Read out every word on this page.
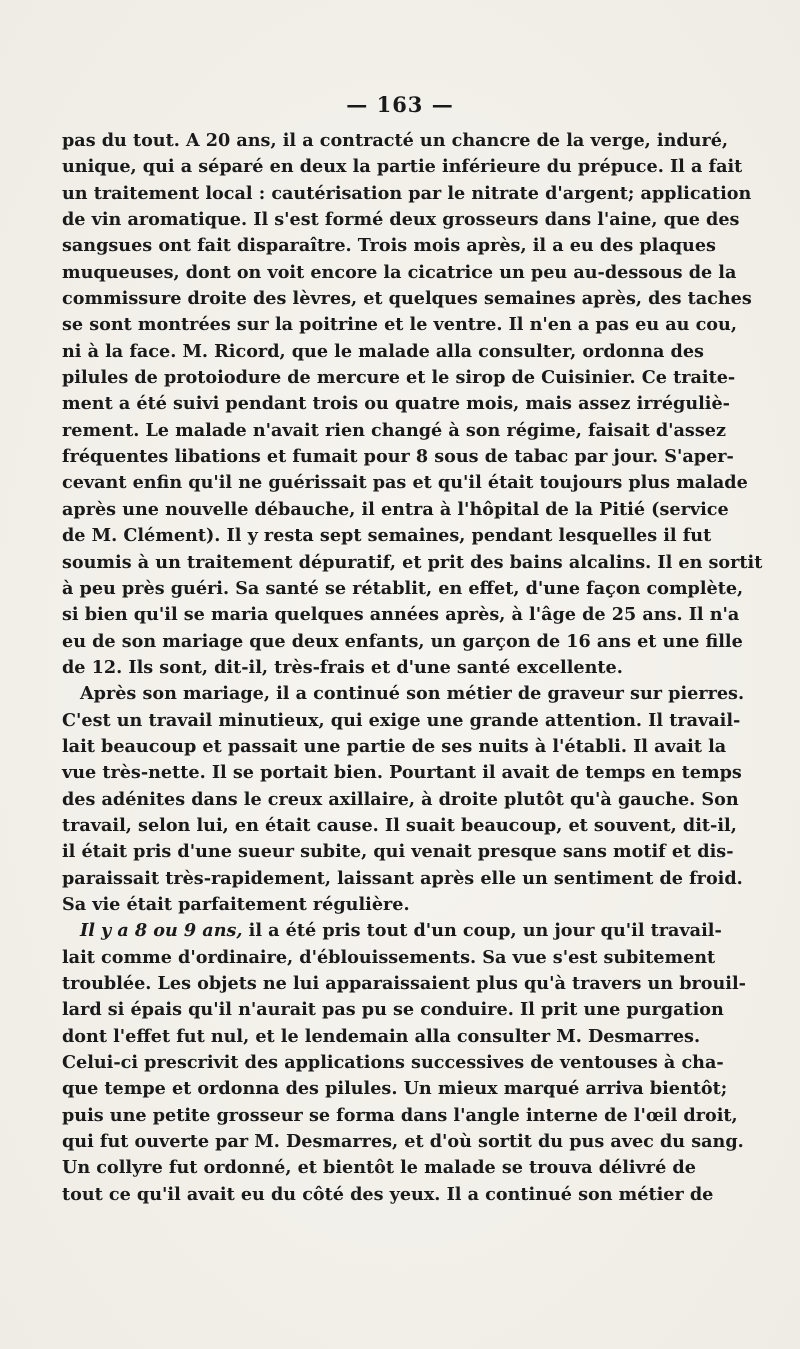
— 163 —
pas du tout. A 20 ans, il a contracté un chancre de la verge, induré,
unique, qui a séparé en deux la partie inférieure du prépuce. Il a fait
un traitement local : cautérisation par le nitrate d'argent; application
de vin aromatique. Il s'est formé deux grosseurs dans l'aine, que des
sangsues ont fait disparaître. Trois mois après, il a eu des plaques
muqueuses, dont on voit encore la cicatrice un peu au-dessous de la
commissure droite des lèvres, et quelques semaines après, des taches
se sont montrées sur la poitrine et le ventre. Il n'en a pas eu au cou,
ni à la face. M. Ricord, que le malade alla consulter, ordonna des
pilules de protoiodure de mercure et le sirop de Cuisinier. Ce traite-
ment a été suivi pendant trois ou quatre mois, mais assez irréguliè-
rement. Le malade n'avait rien changé à son régime, faisait d'assez
fréquentes libations et fumait pour 8 sous de tabac par jour. S'aper-
cevant enfin qu'il ne guérissait pas et qu'il était toujours plus malade
après une nouvelle débauche, il entra à l'hôpital de la Pitié (service
de M. Clément). Il y resta sept semaines, pendant lesquelles il fut
soumis à un traitement dépuratif, et prit des bains alcalins. Il en sortit
à peu près guéri. Sa santé se rétablit, en effet, d'une façon complète,
si bien qu'il se maria quelques années après, à l'âge de 25 ans. Il n'a
eu de son mariage que deux enfants, un garçon de 16 ans et une fille
de 12. Ils sont, dit-il, très-frais et d'une santé excellente.
Après son mariage, il a continué son métier de graveur sur pierres.
C'est un travail minutieux, qui exige une grande attention. Il travail-
lait beaucoup et passait une partie de ses nuits à l'établi. Il avait la
vue très-nette. Il se portait bien. Pourtant il avait de temps en temps
des adénites dans le creux axillaire, à droite plutôt qu'à gauche. Son
travail, selon lui, en était cause. Il suait beaucoup, et souvent, dit-il,
il était pris d'une sueur subite, qui venait presque sans motif et dis-
paraissait très-rapidement, laissant après elle un sentiment de froid.
Sa vie était parfaitement régulière.
Il y a 8 ou 9 ans, il a été pris tout d'un coup, un jour qu'il travail-
lait comme d'ordinaire, d'éblouissements. Sa vue s'est subitement
troublée. Les objets ne lui apparaissaient plus qu'à travers un brouil-
lard si épais qu'il n'aurait pas pu se conduire. Il prit une purgation
dont l'effet fut nul, et le lendemain alla consulter M. Desmarres.
Celui-ci prescrivit des applications successives de ventouses à cha-
que tempe et ordonna des pilules. Un mieux marqué arriva bientôt;
puis une petite grosseur se forma dans l'angle interne de l'œil droit,
qui fut ouverte par M. Desmarres, et d'où sortit du pus avec du sang.
Un collyre fut ordonné, et bientôt le malade se trouva délivré de
tout ce qu'il avait eu du côté des yeux. Il a continué son métier de
